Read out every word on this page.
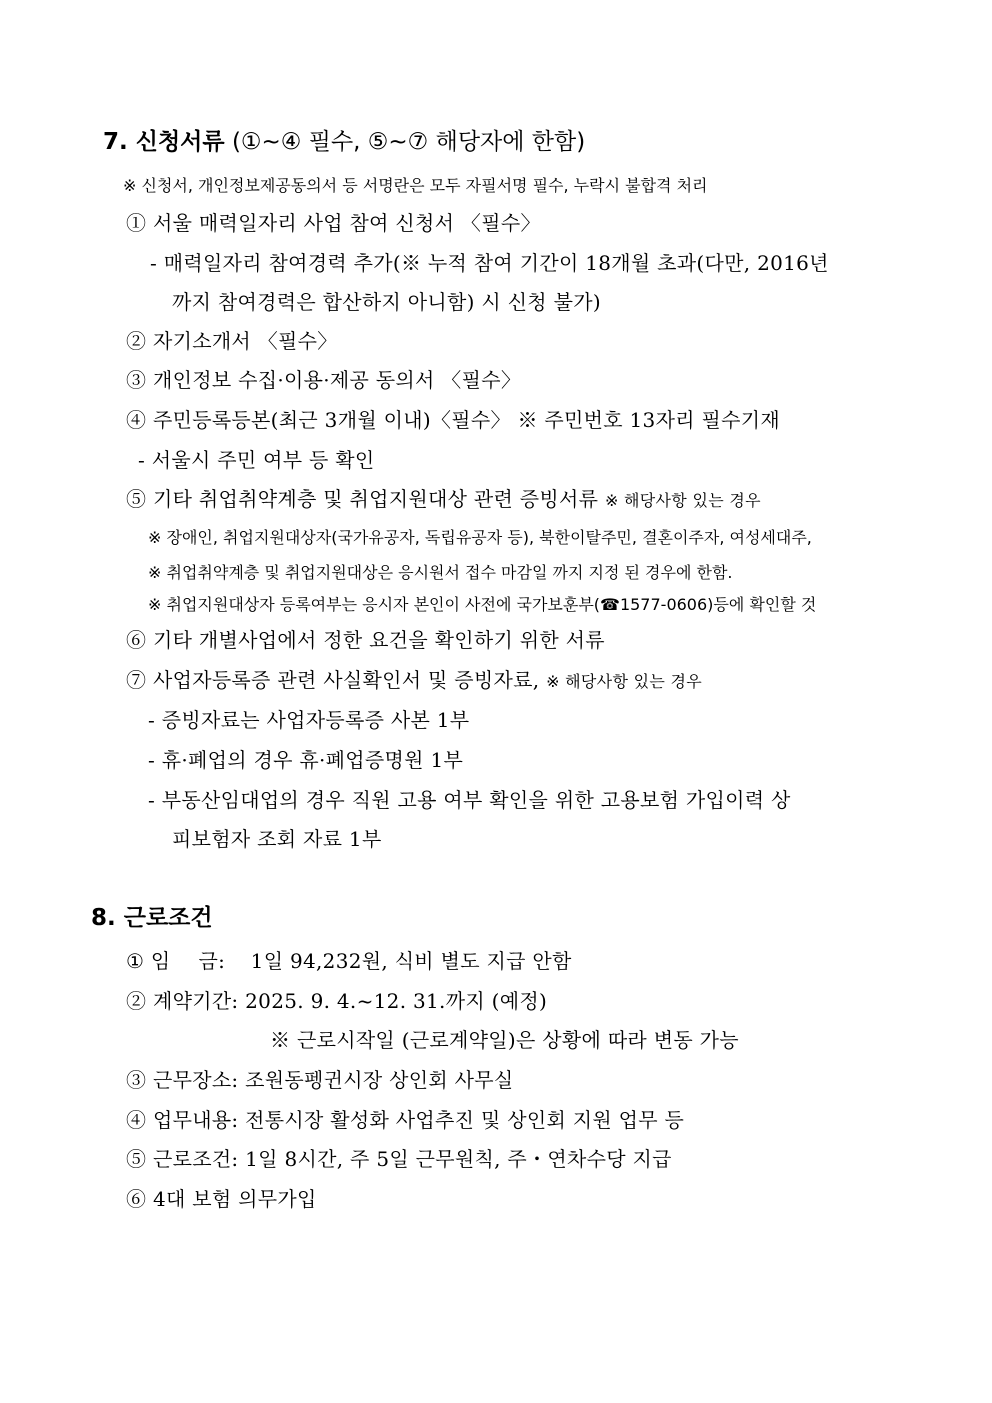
7. 신청서류 (①~④ 필수, ⑤~⑦ 해당자에 한함)
※ 신청서, 개인정보제공동의서 등 서명란은 모두 자필서명 필수, 누락시 불합격 처리
① 서울 매력일자리 사업 참여 신청서 〈필수〉
- 매력일자리 참여경력 추가(※ 누적 참여 기간이 18개월 초과(다만, 2016년
까지 참여경력은 합산하지 아니함) 시 신청 불가)
② 자기소개서 〈필수〉
③ 개인정보 수집·이용·제공 동의서 〈필수〉
④ 주민등록등본(최근 3개월 이내)〈필수〉 ※ 주민번호 13자리 필수기재
- 서울시 주민 여부 등 확인
⑤ 기타 취업취약계층 및 취업지원대상 관련 증빙서류 ※ 해당사항 있는 경우
※ 장애인, 취업지원대상자(국가유공자, 독립유공자 등), 북한이탈주민, 결혼이주자, 여성세대주,
※ 취업취약계층 및 취업지원대상은 응시원서 접수 마감일 까지 지정 된 경우에 한함.
※ 취업지원대상자 등록여부는 응시자 본인이 사전에 국가보훈부(☎1577-0606)등에 확인할 것
⑥ 기타 개별사업에서 정한 요건을 확인하기 위한 서류
⑦ 사업자등록증 관련 사실확인서 및 증빙자료, ※ 해당사항 있는 경우
- 증빙자료는 사업자등록증 사본 1부
- 휴·폐업의 경우 휴·폐업증명원 1부
- 부동산임대업의 경우 직원 고용 여부 확인을 위한 고용보험 가입이력 상
피보험자 조회 자료 1부
8. 근로조건
① 임 금: 1일 94,232원, 식비 별도 지급 안함
② 계약기간: 2025. 9. 4.~12. 31.까지 (예정)
※ 근로시작일 (근로계약일)은 상황에 따라 변동 가능
③ 근무장소: 조원동펭귄시장 상인회 사무실
④ 업무내용: 전통시장 활성화 사업추진 및 상인회 지원 업무 등
⑤ 근로조건: 1일 8시간, 주 5일 근무원칙, 주・연차수당 지급
⑥ 4대 보험 의무가입
